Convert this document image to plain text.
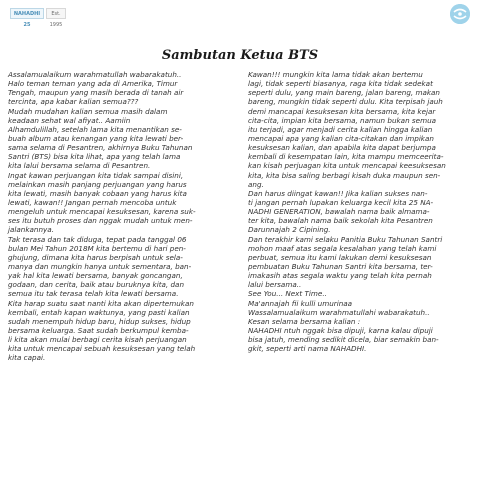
NAHADHI 25
Est. 1995
Sambutan Ketua BTS
Assalamualaikum warahmatullah wabarakatuh..
Halo teman teman yang ada di Amerika, Timur
Tengah, maupun yang masih berada di tanah air
tercinta, apa kabar kalian semua???
Mudah mudahan kalian semua masih dalam
keadaan sehat wal afiyat.. Aamiin
Alhamdulillah, setelah lama kita menantikan se-
buah album atau kenangan yang kita lewati ber-
sama selama di Pesantren, akhirnya Buku Tahunan
Santri (BTS) bisa kita lihat, apa yang telah lama
kita lalui bersama selama di Pesantren.
Ingat kawan perjuangan kita tidak sampai disini,
melainkan masih panjang perjuangan yang harus
kita lewati, masih banyak cobaan yang harus kita
lewati, kawan!! Jangan pernah mencoba untuk
mengeluh untuk mencapai kesuksesan, karena suk-
ses itu butuh proses dan nggak mudah untuk men-
jalankannya.
Tak terasa dan tak diduga, tepat pada tanggal 06
bulan Mei Tahun 2018M kita bertemu di hari pen-
ghujung, dimana kita harus berpisah untuk sela-
manya dan mungkin hanya untuk sementara, ban-
yak hal kita lewati bersama, banyak goncangan,
godaan, dan cerita, baik atau buruknya kita, dan
semua itu tak terasa telah kita lewati bersama.
Kita harap suatu saat nanti kita akan dipertemukan
kembali, entah kapan waktunya, yang pasti kalian
sudah menempuh hidup baru, hidup sukses, hidup
bersama keluarga. Saat sudah berkumpul kemba-
li kita akan mulai berbagi cerita kisah perjuangan
kita untuk mencapai sebuah kesuksesan yang telah
kita capai.
Kawan!!! mungkin kita lama tidak akan bertemu
lagi, tidak seperti biasanya, raga kita tidak sedekat
seperti dulu, yang main bareng, jalan bareng, makan
bareng, mungkin tidak seperti dulu. Kita terpisah jauh
demi mancapai kesuksesan kita bersama, kita kejar
cita-cita, impian kita bersama, namun bukan semua
itu terjadi, agar menjadi cerita kalian hingga kalian
mencapai apa yang kalian cita-citakan dan impikan
kesuksesan kalian, dan apabila kita dapat berjumpa
kembali di kesempatan lain, kita mampu memceerita-
kan kisah perjuagan kita untuk mencapai keesuksesan
kita, kita bisa saling berbagi kisah duka maupun sen-
ang.
Dan harus diingat kawan!! Jika kalian sukses nan-
ti jangan pernah lupakan keluarga kecil kita 25 NA-
NADHI GENERATION, bawalah nama baik almama-
ter kita, bawalah nama baik sekolah kita Pesantren
Darunnajah 2 Cipining.
Dan terakhir kami selaku Panitia Buku Tahunan Santri
mohon maaf atas segala kesalahan yang telah kami
perbuat, semua itu kami lakukan demi kesuksesan
pembuatan Buku Tahunan Santri kita bersama, ter-
imakasih atas segala waktu yang telah kita pernah
lalui bersama..
See You... Next Time..
Ma'annajah fii kulli umurinaa
Wassalamualaikum warahmatullahi wabarakatuh..
Kesan selama bersama kalian :
NAHADHI ntuh nggak bisa dipuji, karna kalau dipuji
bisa jatuh, mending sedikit dicela, biar semakin ban-
gkit, seperti arti nama NAHADHI.
